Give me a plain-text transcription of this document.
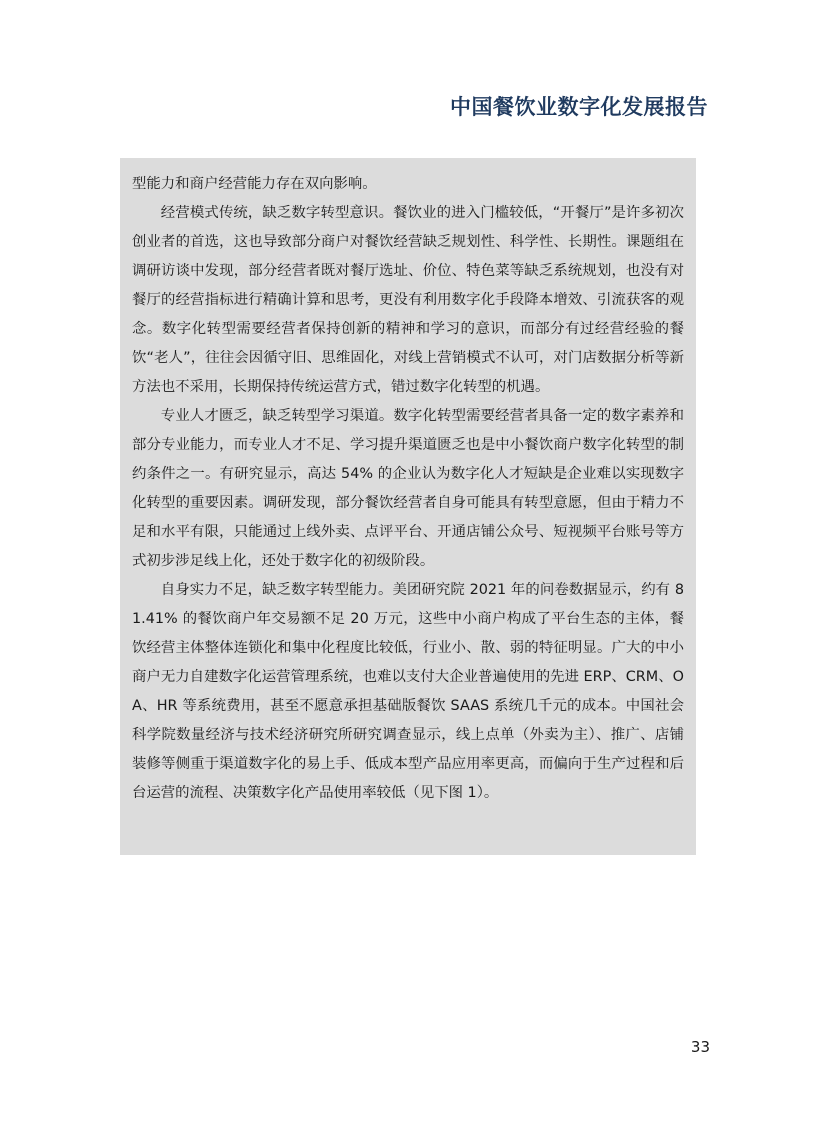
中国餐饮业数字化发展报告

型能力和商户经营能力存在双向影响。

经营模式传统，缺乏数字转型意识。餐饮业的进入门槛较低，“开餐厅”是许多初次创业者的首选，这也导致部分商户对餐饮经营缺乏规划性、科学性、长期性。课题组在调研访谈中发现，部分经营者既对餐厅选址、价位、特色菜等缺乏系统规划，也没有对餐厅的经营指标进行精确计算和思考，更没有利用数字化手段降本增效、引流获客的观念。数字化转型需要经营者保持创新的精神和学习的意识，而部分有过经营经验的餐饮“老人”，往往会因循守旧、思维固化，对线上营销模式不认可，对门店数据分析等新方法也不采用，长期保持传统运营方式，错过数字化转型的机遇。

专业人才匮乏，缺乏转型学习渠道。数字化转型需要经营者具备一定的数字素养和部分专业能力，而专业人才不足、学习提升渠道匮乏也是中小餐饮商户数字化转型的制约条件之一。有研究显示，高达 54% 的企业认为数字化人才短缺是企业难以实现数字化转型的重要因素。调研发现，部分餐饮经营者自身可能具有转型意愿，但由于精力不足和水平有限，只能通过上线外卖、点评平台、开通店铺公众号、短视频平台账号等方式初步涉足线上化，还处于数字化的初级阶段。

自身实力不足，缺乏数字转型能力。美团研究院 2021 年的问卷数据显示，约有 81.41% 的餐饮商户年交易额不足 20 万元，这些中小商户构成了平台生态的主体，餐饮经营主体整体连锁化和集中化程度比较低，行业小、散、弱的特征明显。广大的中小商户无力自建数字化运营管理系统，也难以支付大企业普遍使用的先进 ERP、CRM、OA、HR 等系统费用，甚至不愿意承担基础版餐饮 SAAS 系统几千元的成本。中国社会科学院数量经济与技术经济研究所研究调查显示，线上点单（外卖为主）、推广、店铺装修等侧重于渠道数字化的易上手、低成本型产品应用率更高，而偏向于生产过程和后台运营的流程、决策数字化产品使用率较低（见下图 1）。

33
